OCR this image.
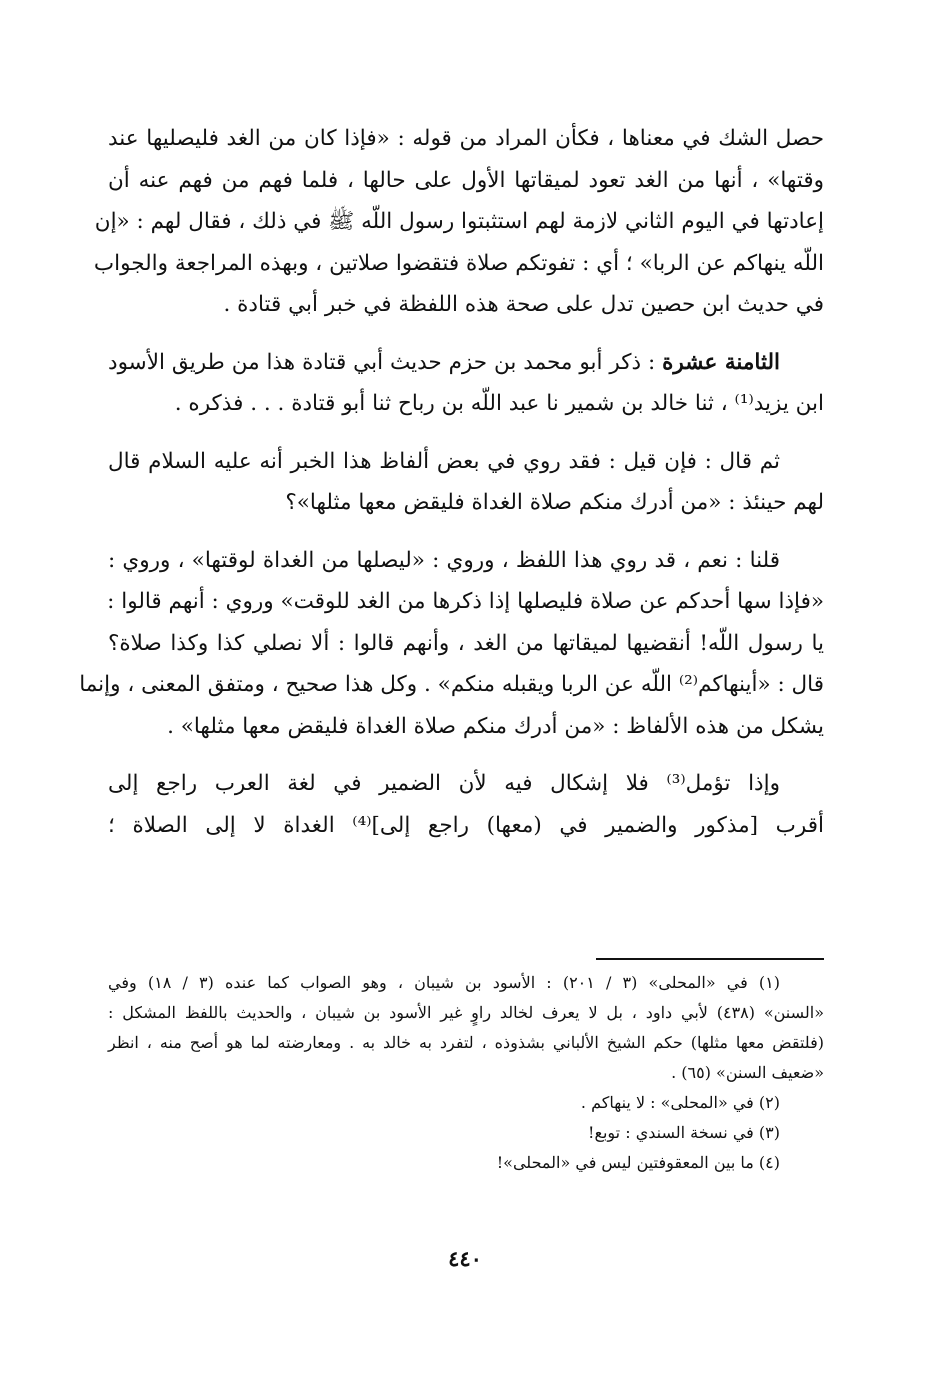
حصل الشك في معناها ، فكأن المراد من قوله : «فإذا كان من الغد فليصليها عند
وقتها» ، أنها من الغد تعود لميقاتها الأول على حالها ، فلما فهم من فهم عنه أن
إعادتها في اليوم الثاني لازمة لهم استثبتوا رسول اللّه ﷺ في ذلك ، فقال لهم : «إن
اللّه ينهاكم عن الربا» ؛ أي : تفوتكم صلاة فتقضوا صلاتين ، وبهذه المراجعة والجواب
في حديث ابن حصين تدل على صحة هذه اللفظة في خبر أبي قتادة .
الثامنة عشرة : ذكر أبو محمد بن حزم حديث أبي قتادة هذا من طريق الأسود
ابن يزيد⁽¹⁾ ، ثنا خالد بن شمير نا عبد اللّه بن رباح ثنا أبو قتادة . . . فذكره .
ثم قال : فإن قيل : فقد روي في بعض ألفاظ هذا الخبر أنه عليه السلام قال
لهم حينئذ : «من أدرك منكم صلاة الغداة فليقض معها مثلها»؟
قلنا : نعم ، قد روي هذا اللفظ ، وروي : «ليصلها من الغداة لوقتها» ، وروي :
«فإذا سها أحدكم عن صلاة فليصلها إذا ذكرها من الغد للوقت» وروي : أنهم قالوا :
يا رسول اللّه! أنقضيها لميقاتها من الغد ، وأنهم قالوا : ألا نصلي كذا وكذا صلاة؟
قال : «أينهاكم⁽²⁾ اللّه عن الربا ويقبله منكم» . وكل هذا صحيح ، ومتفق المعنى ، وإنما
يشكل من هذه الألفاظ : «من أدرك منكم صلاة الغداة فليقض معها مثلها» .
وإذا تؤمل⁽³⁾ فلا إشكال فيه لأن الضمير في لغة العرب راجع إلى
أقرب [مذكور والضمير في (معها) راجع إلى]⁽⁴⁾ الغداة لا إلى الصلاة ؛
(١) في «المحلى» (٣ / ٢٠١) : الأسود بن شيبان ، وهو الصواب كما عنده (٣ / ١٨) وفي
«السنن» (٤٣٨) لأبي داود ، بل لا يعرف لخالد راوٍ غير الأسود بن شيبان ، والحديث باللفظ المشكل :
(فلتقض معها مثلها) حكم الشيخ الألباني بشذوذه ، لتفرد به خالد به . ومعارضته لما هو أصح منه ، انظر
«ضعيف السنن» (٦٥) .
(٢) في «المحلى» : لا ينهاكم .
(٣) في نسخة السندي : توبع!
(٤) ما بين المعقوفتين ليس في «المحلى»!
٤٤٠
